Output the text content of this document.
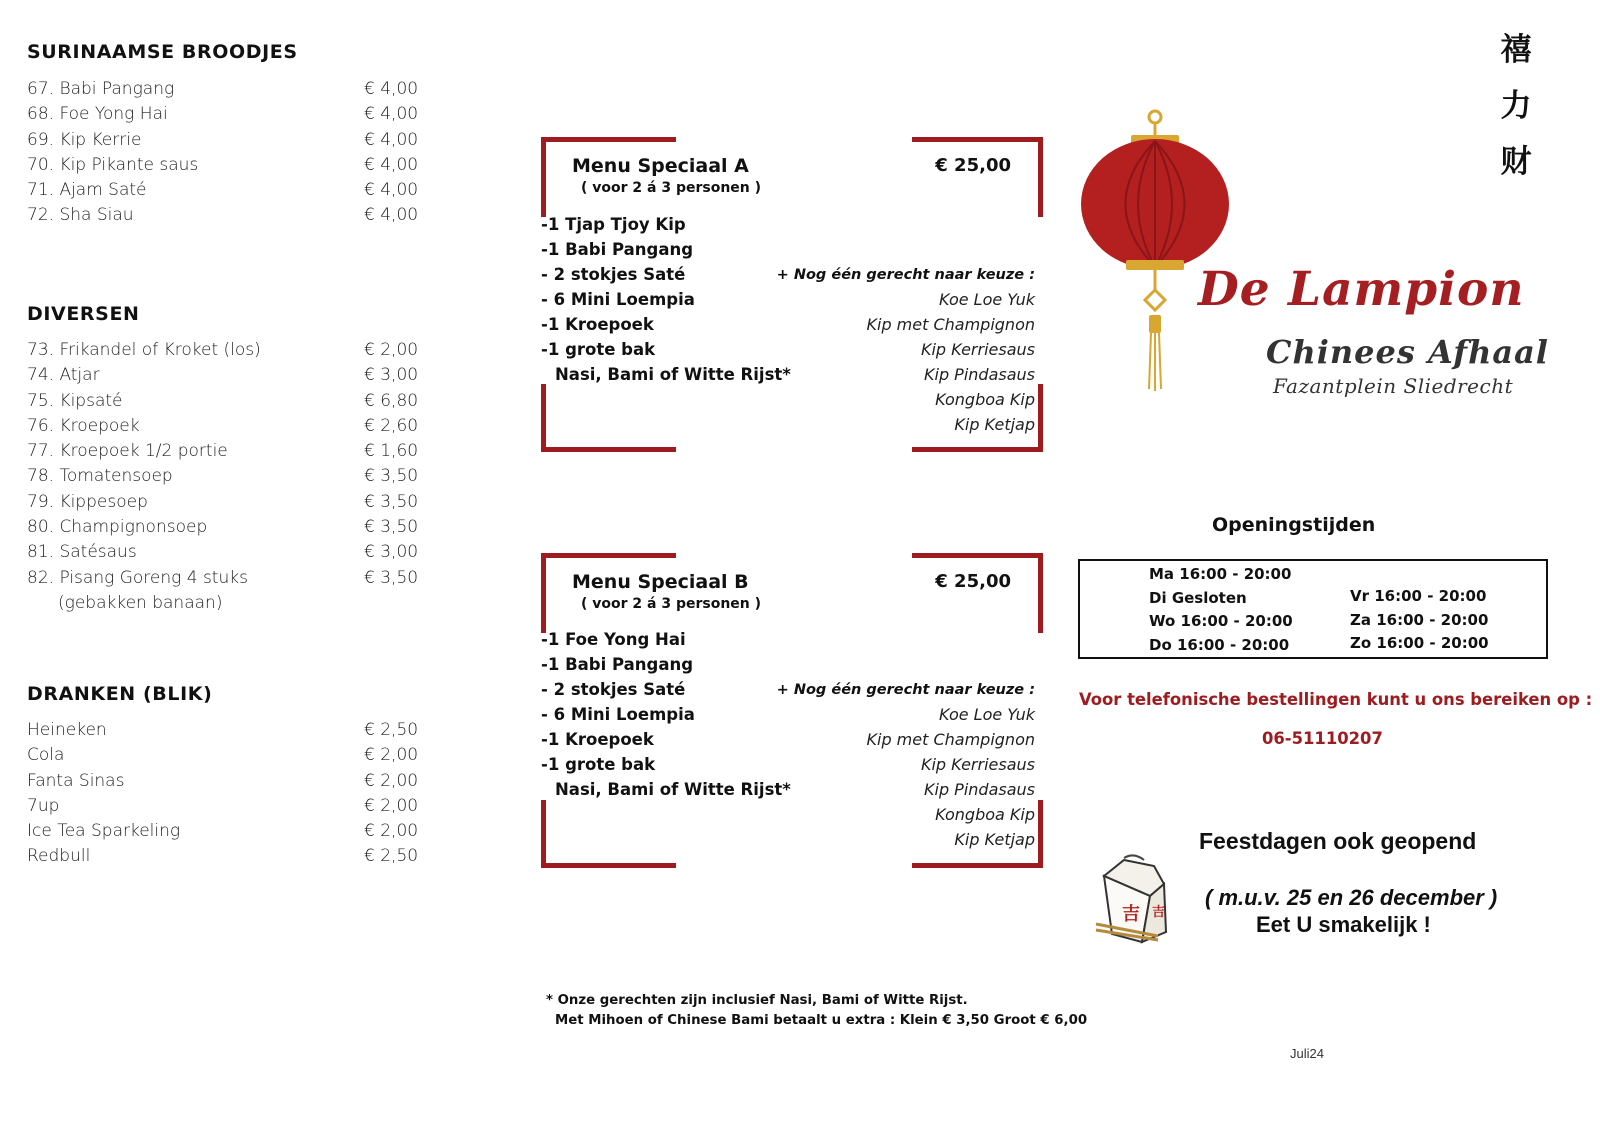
SURINAAMSE BROODJES
67. Babi Pangang	€ 4,00
68. Foe Yong Hai	€ 4,00
69. Kip Kerrie	€ 4,00
70. Kip Pikante saus	€ 4,00
71. Ajam Saté	€ 4,00
72. Sha Siau	€ 4,00
DIVERSEN
73. Frikandel of Kroket (los)	€ 2,00
74. Atjar	€ 3,00
75. Kipsaté	€ 6,80
76. Kroepoek	€ 2,60
77. Kroepoek 1/2 portie	€ 1,60
78. Tomatensoep	€ 3,50
79. Kippesoep	€ 3,50
80. Champignonsoep	€ 3,50
81. Satésaus	€ 3,00
82. Pisang Goreng 4 stuks	€ 3,50
(gebakken banaan)
DRANKEN (BLIK)
Heineken	€ 2,50
Cola	€ 2,00
Fanta Sinas	€ 2,00
7up	€ 2,00
Ice Tea Sparkeling	€ 2,00
Redbull	€ 2,50
Menu Speciaal A
( voor 2 á 3 personen )
€ 25,00
-1 Tjap Tjoy Kip
-1 Babi Pangang
- 2 stokjes Saté
- 6 Mini Loempia
-1 Kroepoek
-1 grote bak
Nasi, Bami of Witte Rijst*
+ Nog één gerecht naar keuze :
Koe Loe Yuk
Kip met Champignon
Kip Kerriesaus
Kip Pindasaus
Kongboa Kip
Kip Ketjap
Menu Speciaal B
( voor 2 á 3 personen )
€ 25,00
-1 Foe Yong Hai
-1 Babi Pangang
- 2 stokjes Saté
- 6 Mini Loempia
-1 Kroepoek
-1 grote bak
Nasi, Bami of Witte Rijst*
+ Nog één gerecht naar keuze :
Koe Loe Yuk
Kip met Champignon
Kip Kerriesaus
Kip Pindasaus
Kongboa Kip
Kip Ketjap
* Onze gerechten zijn inclusief Nasi, Bami of Witte Rijst.
Met Mihoen of Chinese Bami betaalt u extra : Klein € 3,50 Groot € 6,00
禧
力
财
De Lampion
Chinees Afhaal
Fazantplein Sliedrecht
Openingstijden
Ma 16:00 - 20:00
Di Gesloten
Wo 16:00 - 20:00
Do 16:00 - 20:00
Vr 16:00 - 20:00
Za 16:00 - 20:00
Zo 16:00 - 20:00
Voor telefonische bestellingen kunt u ons bereiken op :
06-51110207
吉 吉
Feestdagen ook geopend
( m.u.v. 25 en 26 december )
Eet U smakelijk !
Juli24
